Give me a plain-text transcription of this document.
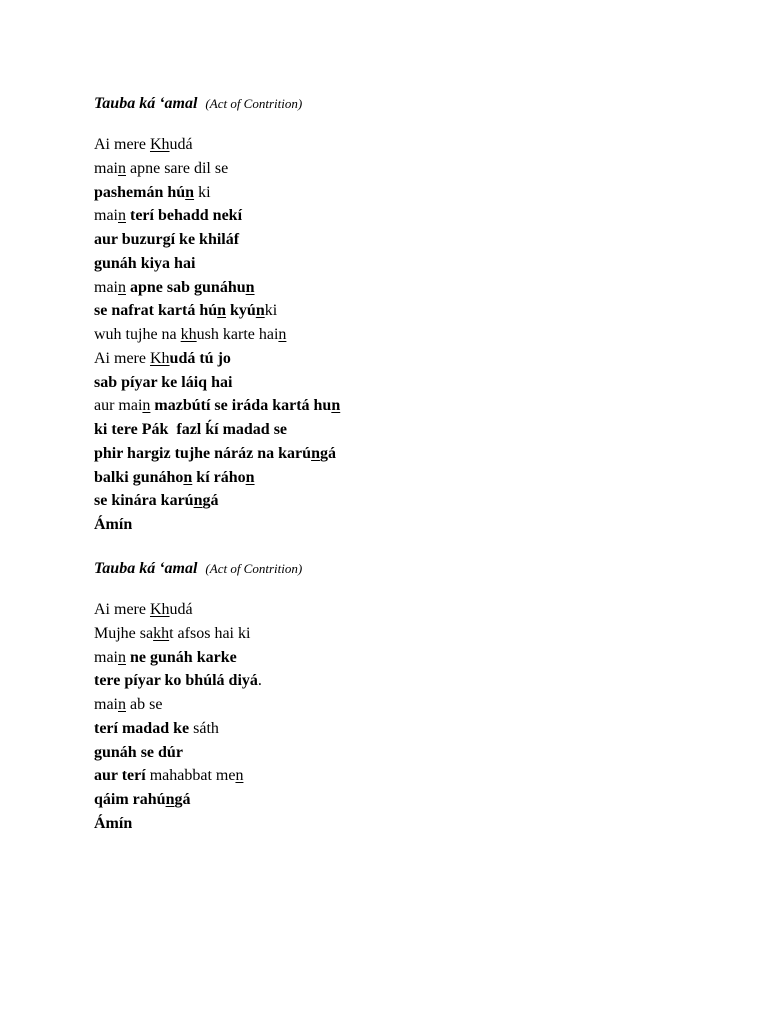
Tauba ká ‘amal (Act of Contrition)
Ai mere Khudá
main apne sare dil se
pashemán hún ki
main terí behadd nekí
aur buzurgí ke khiláf
gunáh kiya hai
main apne sab gunáhun
se nafrat kartá hún kyúnki
wuh tujhe na khush karte hain
Ai mere Khudá tú jo
sab píyar ke láiq hai
aur main mazbútí se iráda kartá hun
ki tere Pák  fazl ḱí madad se
phir hargiz tujhe náráz na karúngá
balki gunáhon kí ráhon
se kinára karúngá
Ámín
Tauba ká ‘amal (Act of Contrition)
Ai mere Khudá
Mujhe sakht afsos hai ki
main ne gunáh karke
tere píyar ko bhúlá diyá.
main ab se
terí madad ke sáth
gunáh se dúr
aur terí mahabbat men
qáim rahúngá
Ámín
